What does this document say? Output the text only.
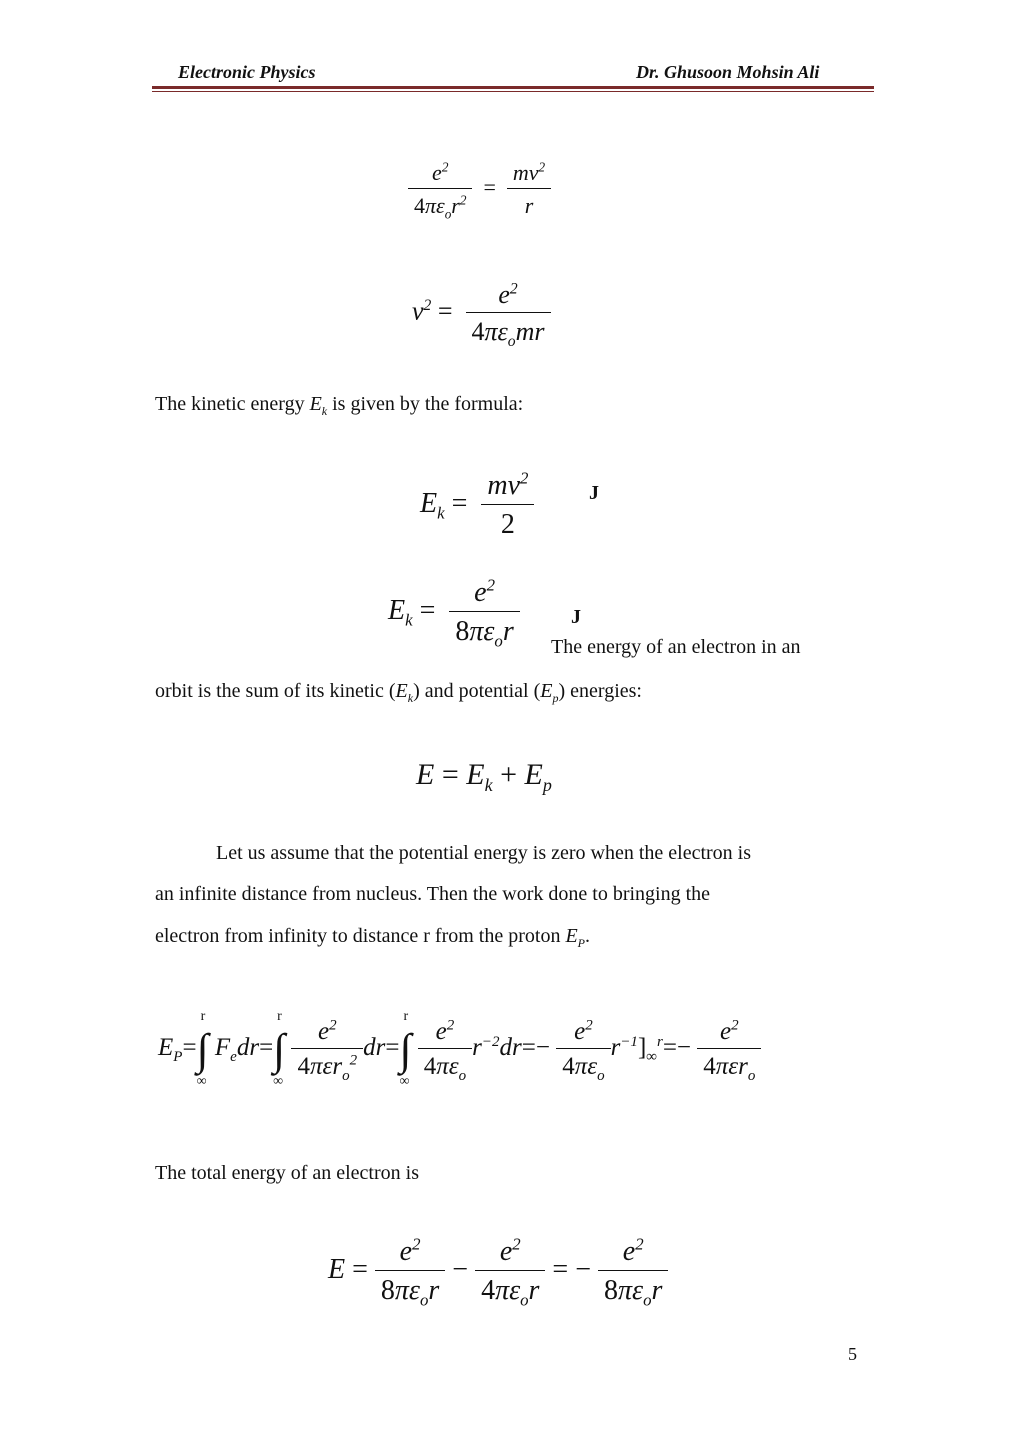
Electronic Physics	Dr. Ghusoon Mohsin Ali
$\frac{e^2}{4\pi\varepsilon_or^2} = \frac{mv^2}{r}$
$v^2 = \frac{e^2}{4\pi\varepsilon_omr}$
The kinetic energy $E_k$ is given by the formula:
$E_k = \frac{mv^2}{2}$	J
$E_k = \frac{e^2}{8\pi\varepsilon_or}$	J
The energy of an electron in an
orbit is the sum of its kinetic $(E_k)$ and potential $(E_p)$ energies:
$E = E_k + E_p$
Let us assume that the potential energy is zero when the electron is
an infinite distance from nucleus. Then the work done to bringing the
electron from infinity to distance r from the proton $E_P$.
$E_P=\int$
r
∞
$F_edr=\int$
r
∞

$\frac{e^2}{4\pi\varepsilon r_o^2} dr=\int$
r
∞

$\frac{e^2}{4\pi\varepsilon_o} r^{-2}dr=- \frac{e^2}{4\pi\varepsilon_o} r^{-1}]_\infty^r=- \frac{e^2}{4\pi\varepsilon r_o}$
The total energy of an electron is
$E = \frac{e^2}{8\pi\varepsilon_or} - \frac{e^2}{4\pi\varepsilon_or}$ = − $\frac{e^2}{8\pi\varepsilon_or}$
5
